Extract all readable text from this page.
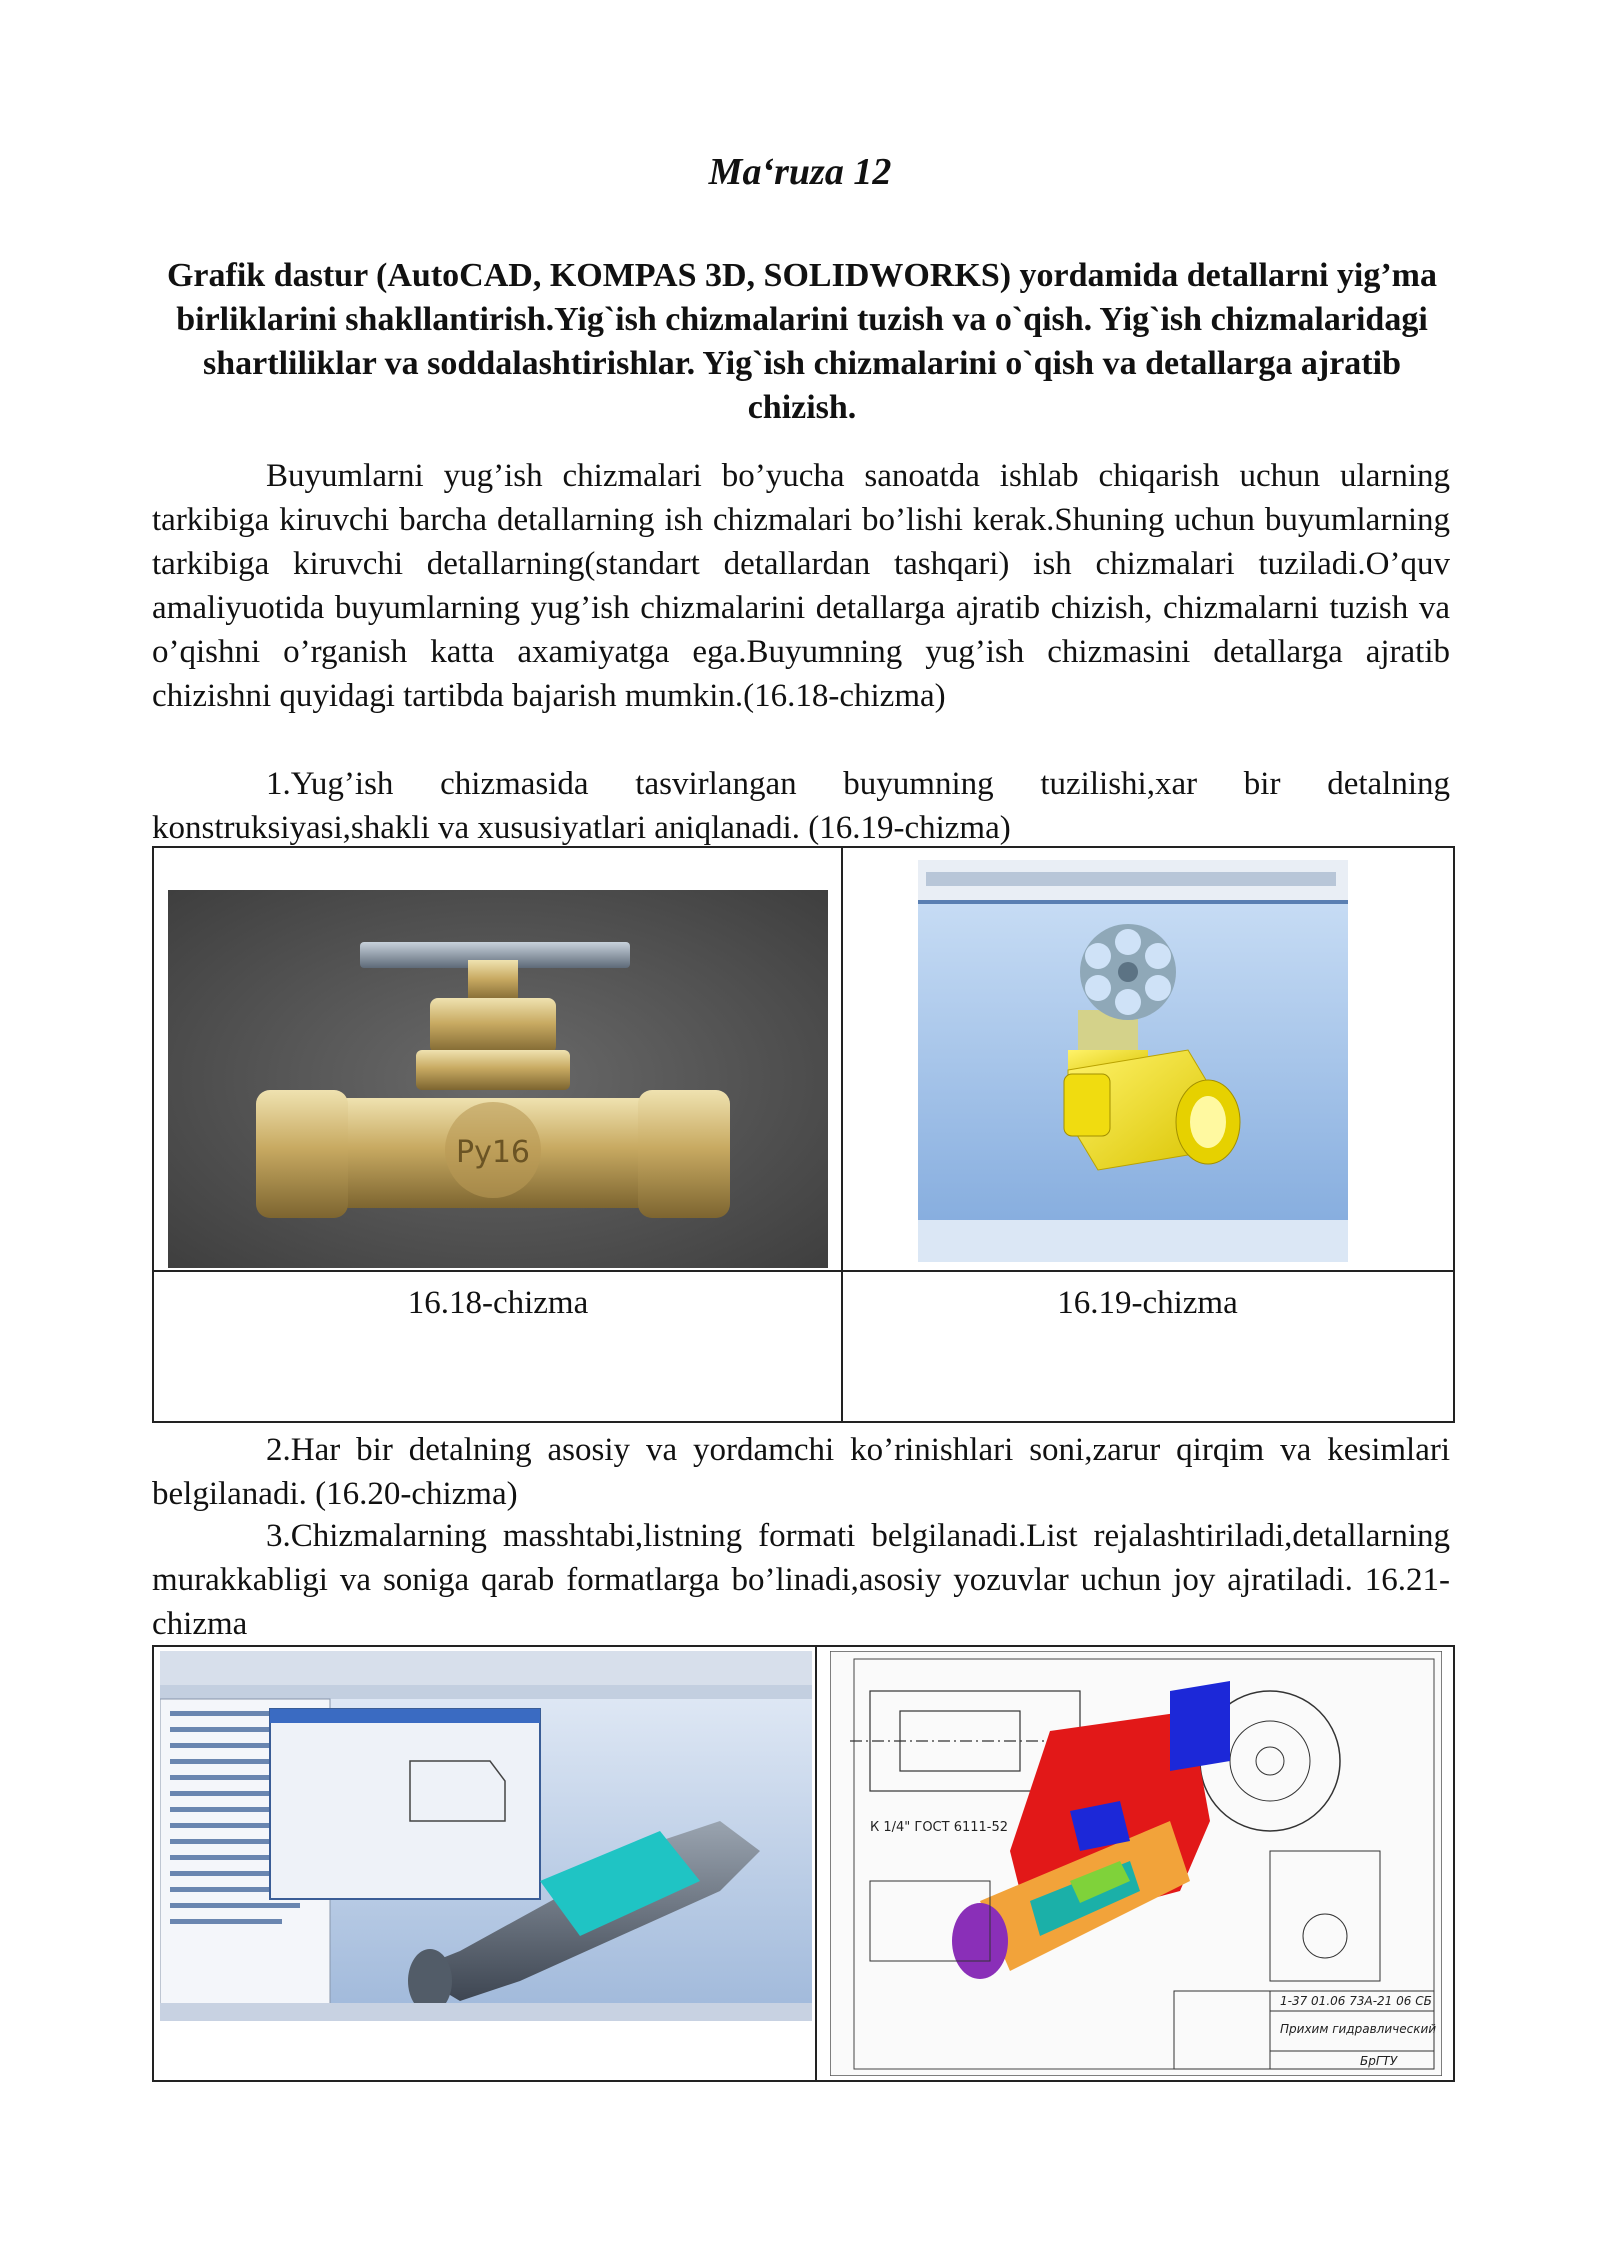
Ma‘ruza 12
Grafik dastur (AutoCAD, KOMPAS 3D, SOLIDWORKS) yordamida detallarni yig’ma birliklarini shakllantirish.Yig`ish chizmalarini tuzish va o`qish. Yig`ish chizmalaridagi shartliliklar va soddalashtirishlar. Yig`ish chizmalarini o`qish va detallarga ajratib chizish.
Buyumlarni yug’ish chizmalari bo’yucha sanoatda ishlab chiqarish uchun ularning tarkibiga kiruvchi barcha detallarning ish chizmalari bo’lishi kerak.Shuning uchun buyumlarning tarkibiga kiruvchi detallarning(standart detallardan tashqari) ish chizmalari tuziladi.O’quv amaliyuotida buyumlarning yug’ish chizmalarini detallarga ajratib chizish, chizmalarni tuzish va o’qishni o’rganish katta axamiyatga ega.Buyumning yug’ish chizmasini detallarga ajratib chizishni quyidagi tartibda bajarish mumkin.(16.18-chizma)
1.Yug’ish chizmasida tasvirlangan buyumning tuzilishi,xar bir detalning konstruksiyasi,shakli va xususiyatlari aniqlanadi. (16.19-chizma)
Py16
16.18-chizma	16.19-chizma
2.Har bir detalning asosiy va yordamchi ko’rinishlari soni,zarur qirqim va kesimlari belgilanadi. (16.20-chizma)
3.Chizmalarning masshtabi,listning formati belgilanadi.List rejalashtiriladi,detallarning murakkabligi va soniga qarab formatlarga bo’linadi,asosiy yozuvlar uchun joy ajratiladi. 16.21-chizma
К 1/4" ГОСТ 6111-52
1-37 01.06 73А-21 06 СБ
Прихим гидравлический
БрГТУ
